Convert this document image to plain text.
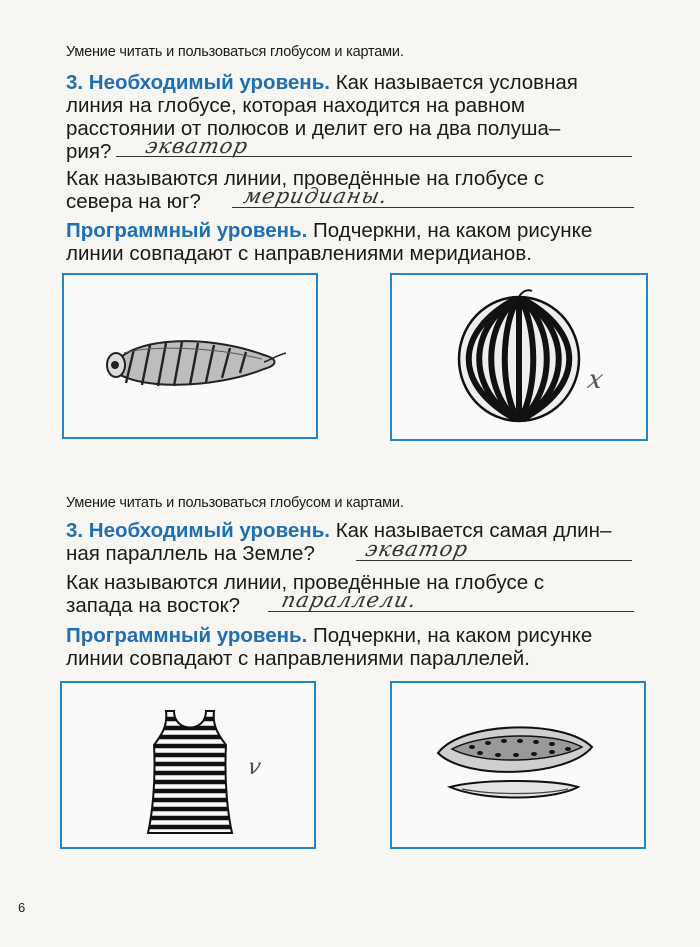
Умение читать и пользоваться глобусом и картами.
3. Необходимый уровень. Как называется условная
линия на глобусе, которая находится на равном
расстоянии от полюсов и делит его на два полуша–
рия? экватор
Как называются линии, проведённые на глобусе с
севера на юг? меридианы.
Программный уровень. Подчеркни, на каком рисунке
линии совпадают с направлениями меридианов.
x
Умение читать и пользоваться глобусом и картами.
3. Необходимый уровень. Как называется самая длин–
ная параллель на Земле? экватор
Как называются линии, проведённые на глобусе с
запада на восток? параллели.
Программный уровень. Подчеркни, на каком рисунке
линии совпадают с направлениями параллелей.
v
6
